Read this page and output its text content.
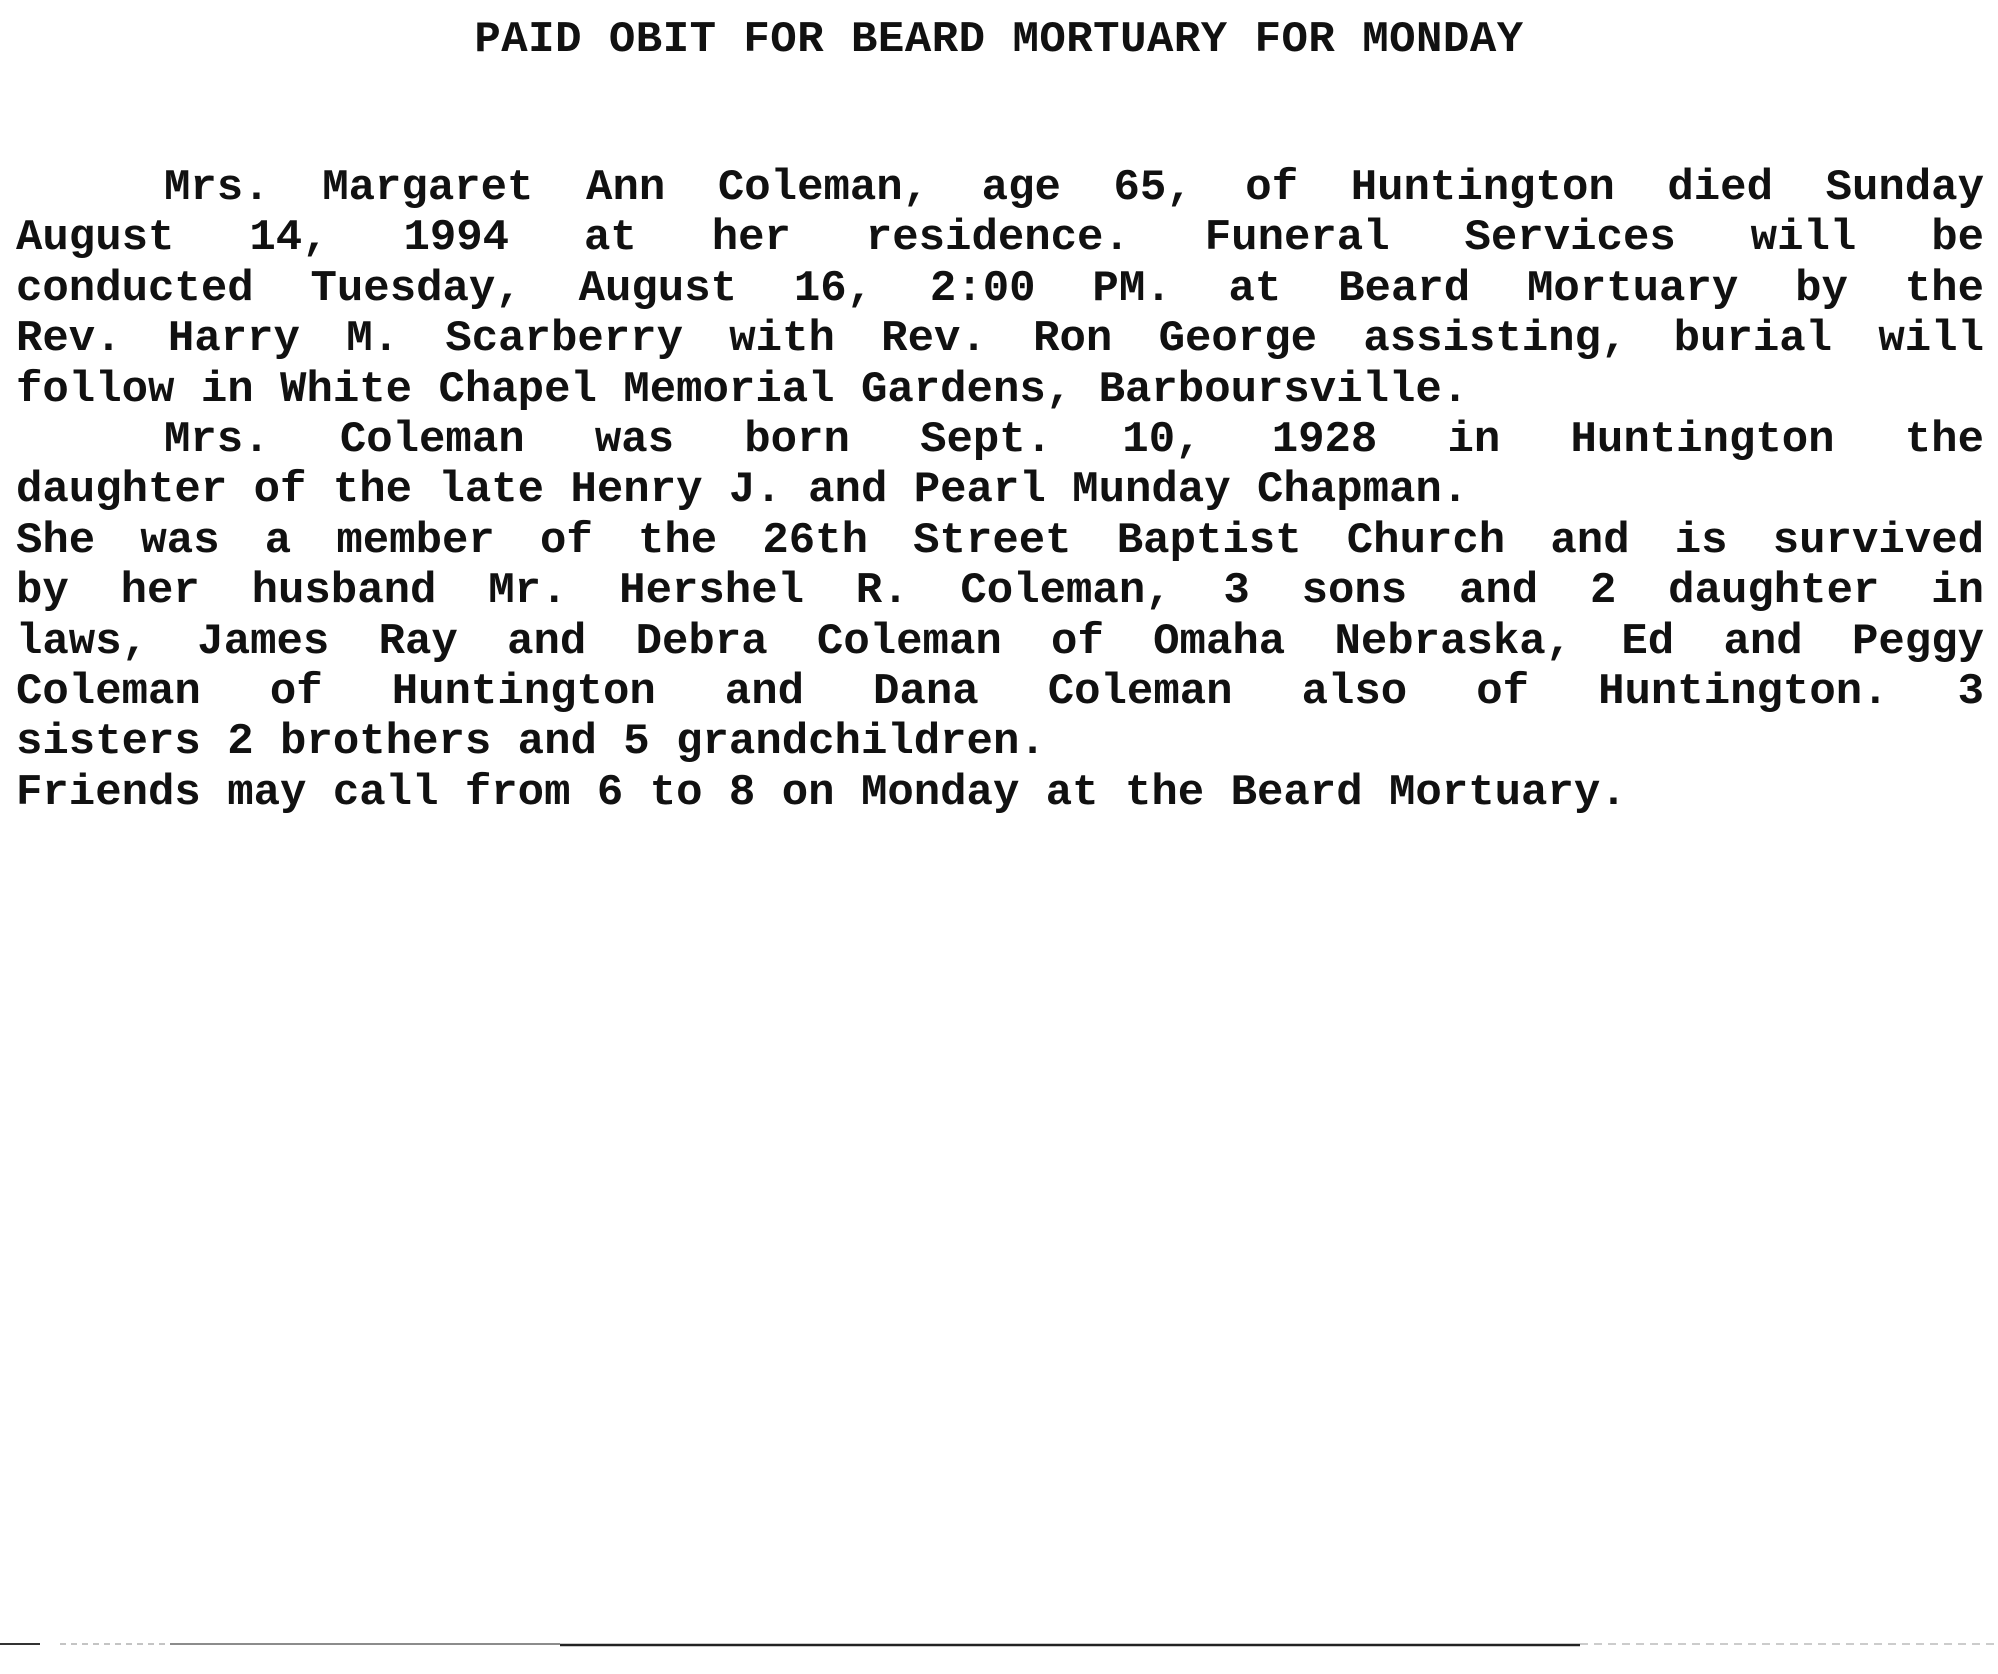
PAID OBIT FOR BEARD MORTUARY FOR MONDAY
Mrs. Margaret Ann Coleman, age 65, of Huntington died Sunday
August 14, 1994 at her residence. Funeral Services will be
conducted Tuesday, August 16, 2:00 PM. at Beard Mortuary by the
Rev. Harry M. Scarberry with Rev. Ron George assisting, burial will
follow in White Chapel Memorial Gardens, Barboursville.
Mrs. Coleman was born Sept. 10, 1928 in Huntington the
daughter of the late Henry J. and Pearl Munday Chapman.
She was a member of the 26th Street Baptist Church and is survived
by her husband Mr. Hershel R. Coleman, 3 sons and 2 daughter in
laws, James Ray and Debra Coleman of Omaha Nebraska, Ed and Peggy
Coleman of Huntington and Dana Coleman also of Huntington. 3
sisters 2 brothers and 5 grandchildren.
Friends may call from 6 to 8 on Monday at the Beard Mortuary.
